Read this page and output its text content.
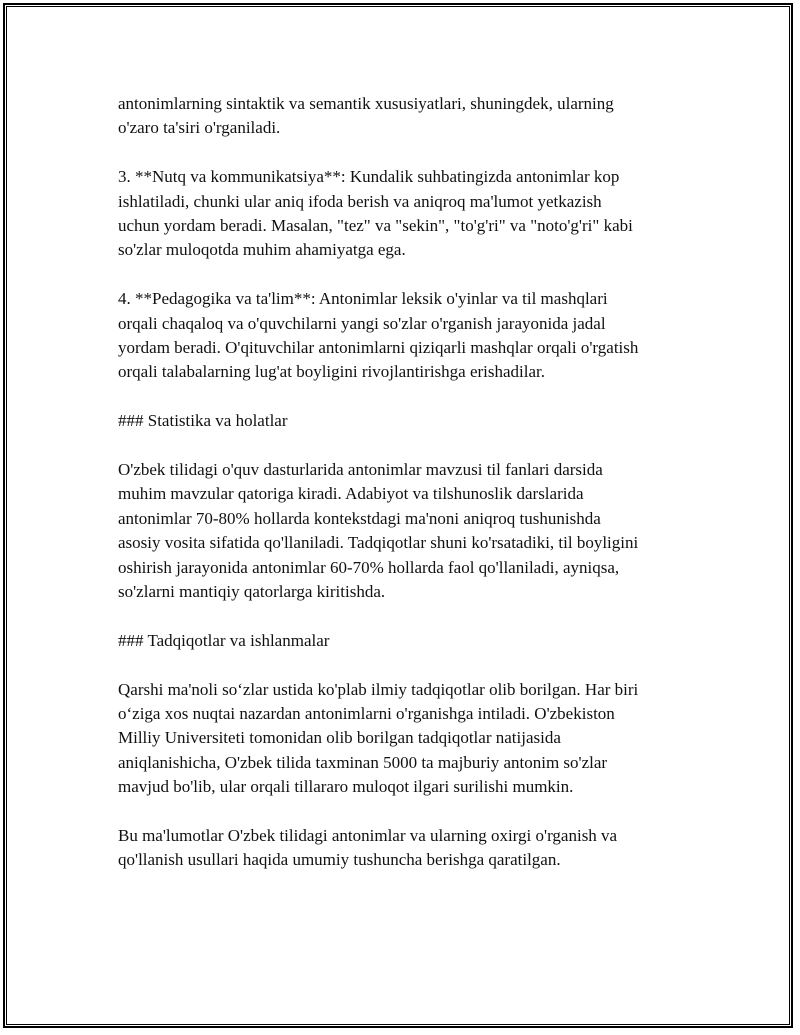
antonimlarning sintaktik va semantik xususiyatlari, shuningdek, ularning
o'zaro ta'siri o'rganiladi.

3. **Nutq va kommunikatsiya**: Kundalik suhbatingizda antonimlar kop
ishlatiladi, chunki ular aniq ifoda berish va aniqroq ma'lumot yetkazish
uchun yordam beradi. Masalan, "tez" va "sekin", "to'g'ri" va "noto'g'ri" kabi
so'zlar muloqotda muhim ahamiyatga ega.

4. **Pedagogika va ta'lim**: Antonimlar leksik o'yinlar va til mashqlari
orqali chaqaloq va o'quvchilarni yangi so'zlar o'rganish jarayonida jadal
yordam beradi. O'qituvchilar antonimlarni qiziqarli mashqlar orqali o'rgatish
orqali talabalarning lug'at boyligini rivojlantirishga erishadilar.

### Statistika va holatlar

O'zbek tilidagi o'quv dasturlarida antonimlar mavzusi til fanlari darsida
muhim mavzular qatoriga kiradi. Adabiyot va tilshunoslik darslarida
antonimlar 70-80% hollarda kontekstdagi ma'noni aniqroq tushunishda
asosiy vosita sifatida qo'llaniladi. Tadqiqotlar shuni ko'rsatadiki, til boyligini
oshirish jarayonida antonimlar 60-70% hollarda faol qo'llaniladi, ayniqsa,
so'zlarni mantiqiy qatorlarga kiritishda.

### Tadqiqotlar va ishlanmalar

Qarshi ma'noli so‘zlar ustida ko'plab ilmiy tadqiqotlar olib borilgan. Har biri
o‘ziga xos nuqtai nazardan antonimlarni o'rganishga intiladi. O'zbekiston
Milliy Universiteti tomonidan olib borilgan tadqiqotlar natijasida
aniqlanishicha, O'zbek tilida taxminan 5000 ta majburiy antonim so'zlar
mavjud bo'lib, ular orqali tillararo muloqot ilgari surilishi mumkin.

Bu ma'lumotlar O'zbek tilidagi antonimlar va ularning oxirgi o'rganish va
qo'llanish usullari haqida umumiy tushuncha berishga qaratilgan.
